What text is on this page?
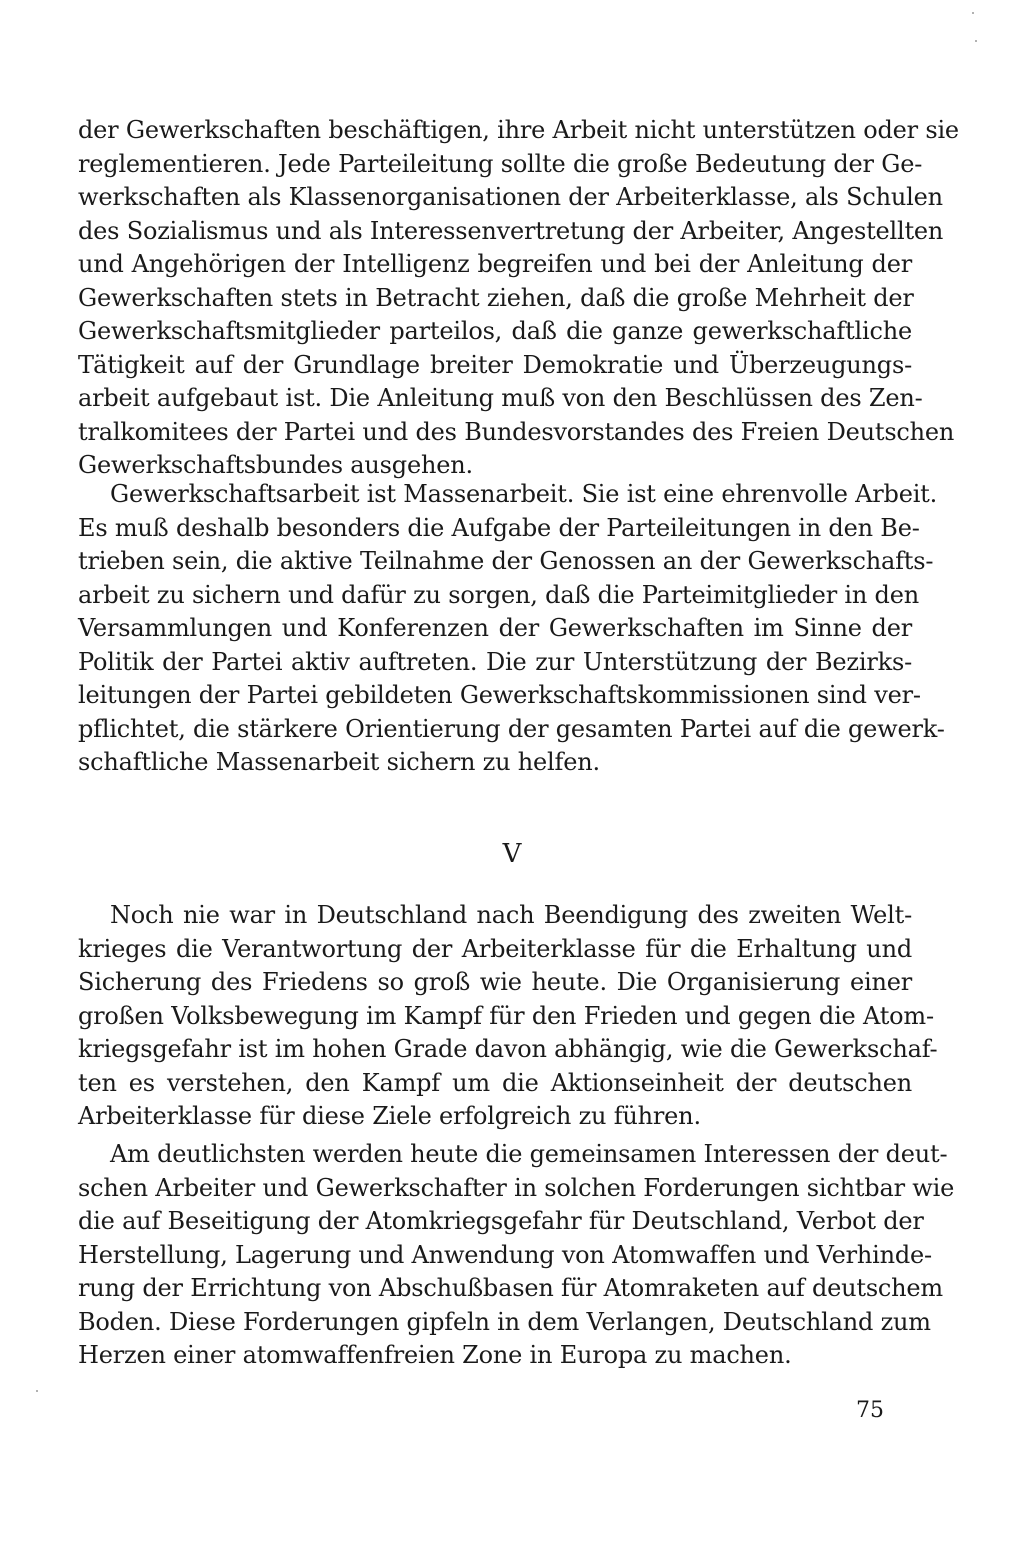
der Gewerkschaften beschäftigen, ihre Arbeit nicht unterstützen oder sie
reglementieren. Jede Parteileitung sollte die große Bedeutung der Ge-
werkschaften als Klassenorganisationen der Arbeiterklasse, als Schulen
des Sozialismus und als Interessenvertretung der Arbeiter, Angestellten
und Angehörigen der Intelligenz begreifen und bei der Anleitung der
Gewerkschaften stets in Betracht ziehen, daß die große Mehrheit der
Gewerkschaftsmitglieder parteilos, daß die ganze gewerkschaftliche
Tätigkeit auf der Grundlage breiter Demokratie und Überzeugungs-
arbeit aufgebaut ist. Die Anleitung muß von den Beschlüssen des Zen-
tralkomitees der Partei und des Bundesvorstandes des Freien Deutschen
Gewerkschaftsbundes ausgehen.
Gewerkschaftsarbeit ist Massenarbeit. Sie ist eine ehrenvolle Arbeit.
Es muß deshalb besonders die Aufgabe der Parteileitungen in den Be-
trieben sein, die aktive Teilnahme der Genossen an der Gewerkschafts-
arbeit zu sichern und dafür zu sorgen, daß die Parteimitglieder in den
Versammlungen und Konferenzen der Gewerkschaften im Sinne der
Politik der Partei aktiv auftreten. Die zur Unterstützung der Bezirks-
leitungen der Partei gebildeten Gewerkschaftskommissionen sind ver-
pflichtet, die stärkere Orientierung der gesamten Partei auf die gewerk-
schaftliche Massenarbeit sichern zu helfen.
V
Noch nie war in Deutschland nach Beendigung des zweiten Welt-
krieges die Verantwortung der Arbeiterklasse für die Erhaltung und
Sicherung des Friedens so groß wie heute. Die Organisierung einer
großen Volksbewegung im Kampf für den Frieden und gegen die Atom-
kriegsgefahr ist im hohen Grade davon abhängig, wie die Gewerkschaf-
ten es verstehen, den Kampf um die Aktionseinheit der deutschen
Arbeiterklasse für diese Ziele erfolgreich zu führen.
Am deutlichsten werden heute die gemeinsamen Interessen der deut-
schen Arbeiter und Gewerkschafter in solchen Forderungen sichtbar wie
die auf Beseitigung der Atomkriegsgefahr für Deutschland, Verbot der
Herstellung, Lagerung und Anwendung von Atomwaffen und Verhinde-
rung der Errichtung von Abschußbasen für Atomraketen auf deutschem
Boden. Diese Forderungen gipfeln in dem Verlangen, Deutschland zum
Herzen einer atomwaffenfreien Zone in Europa zu machen.
75
